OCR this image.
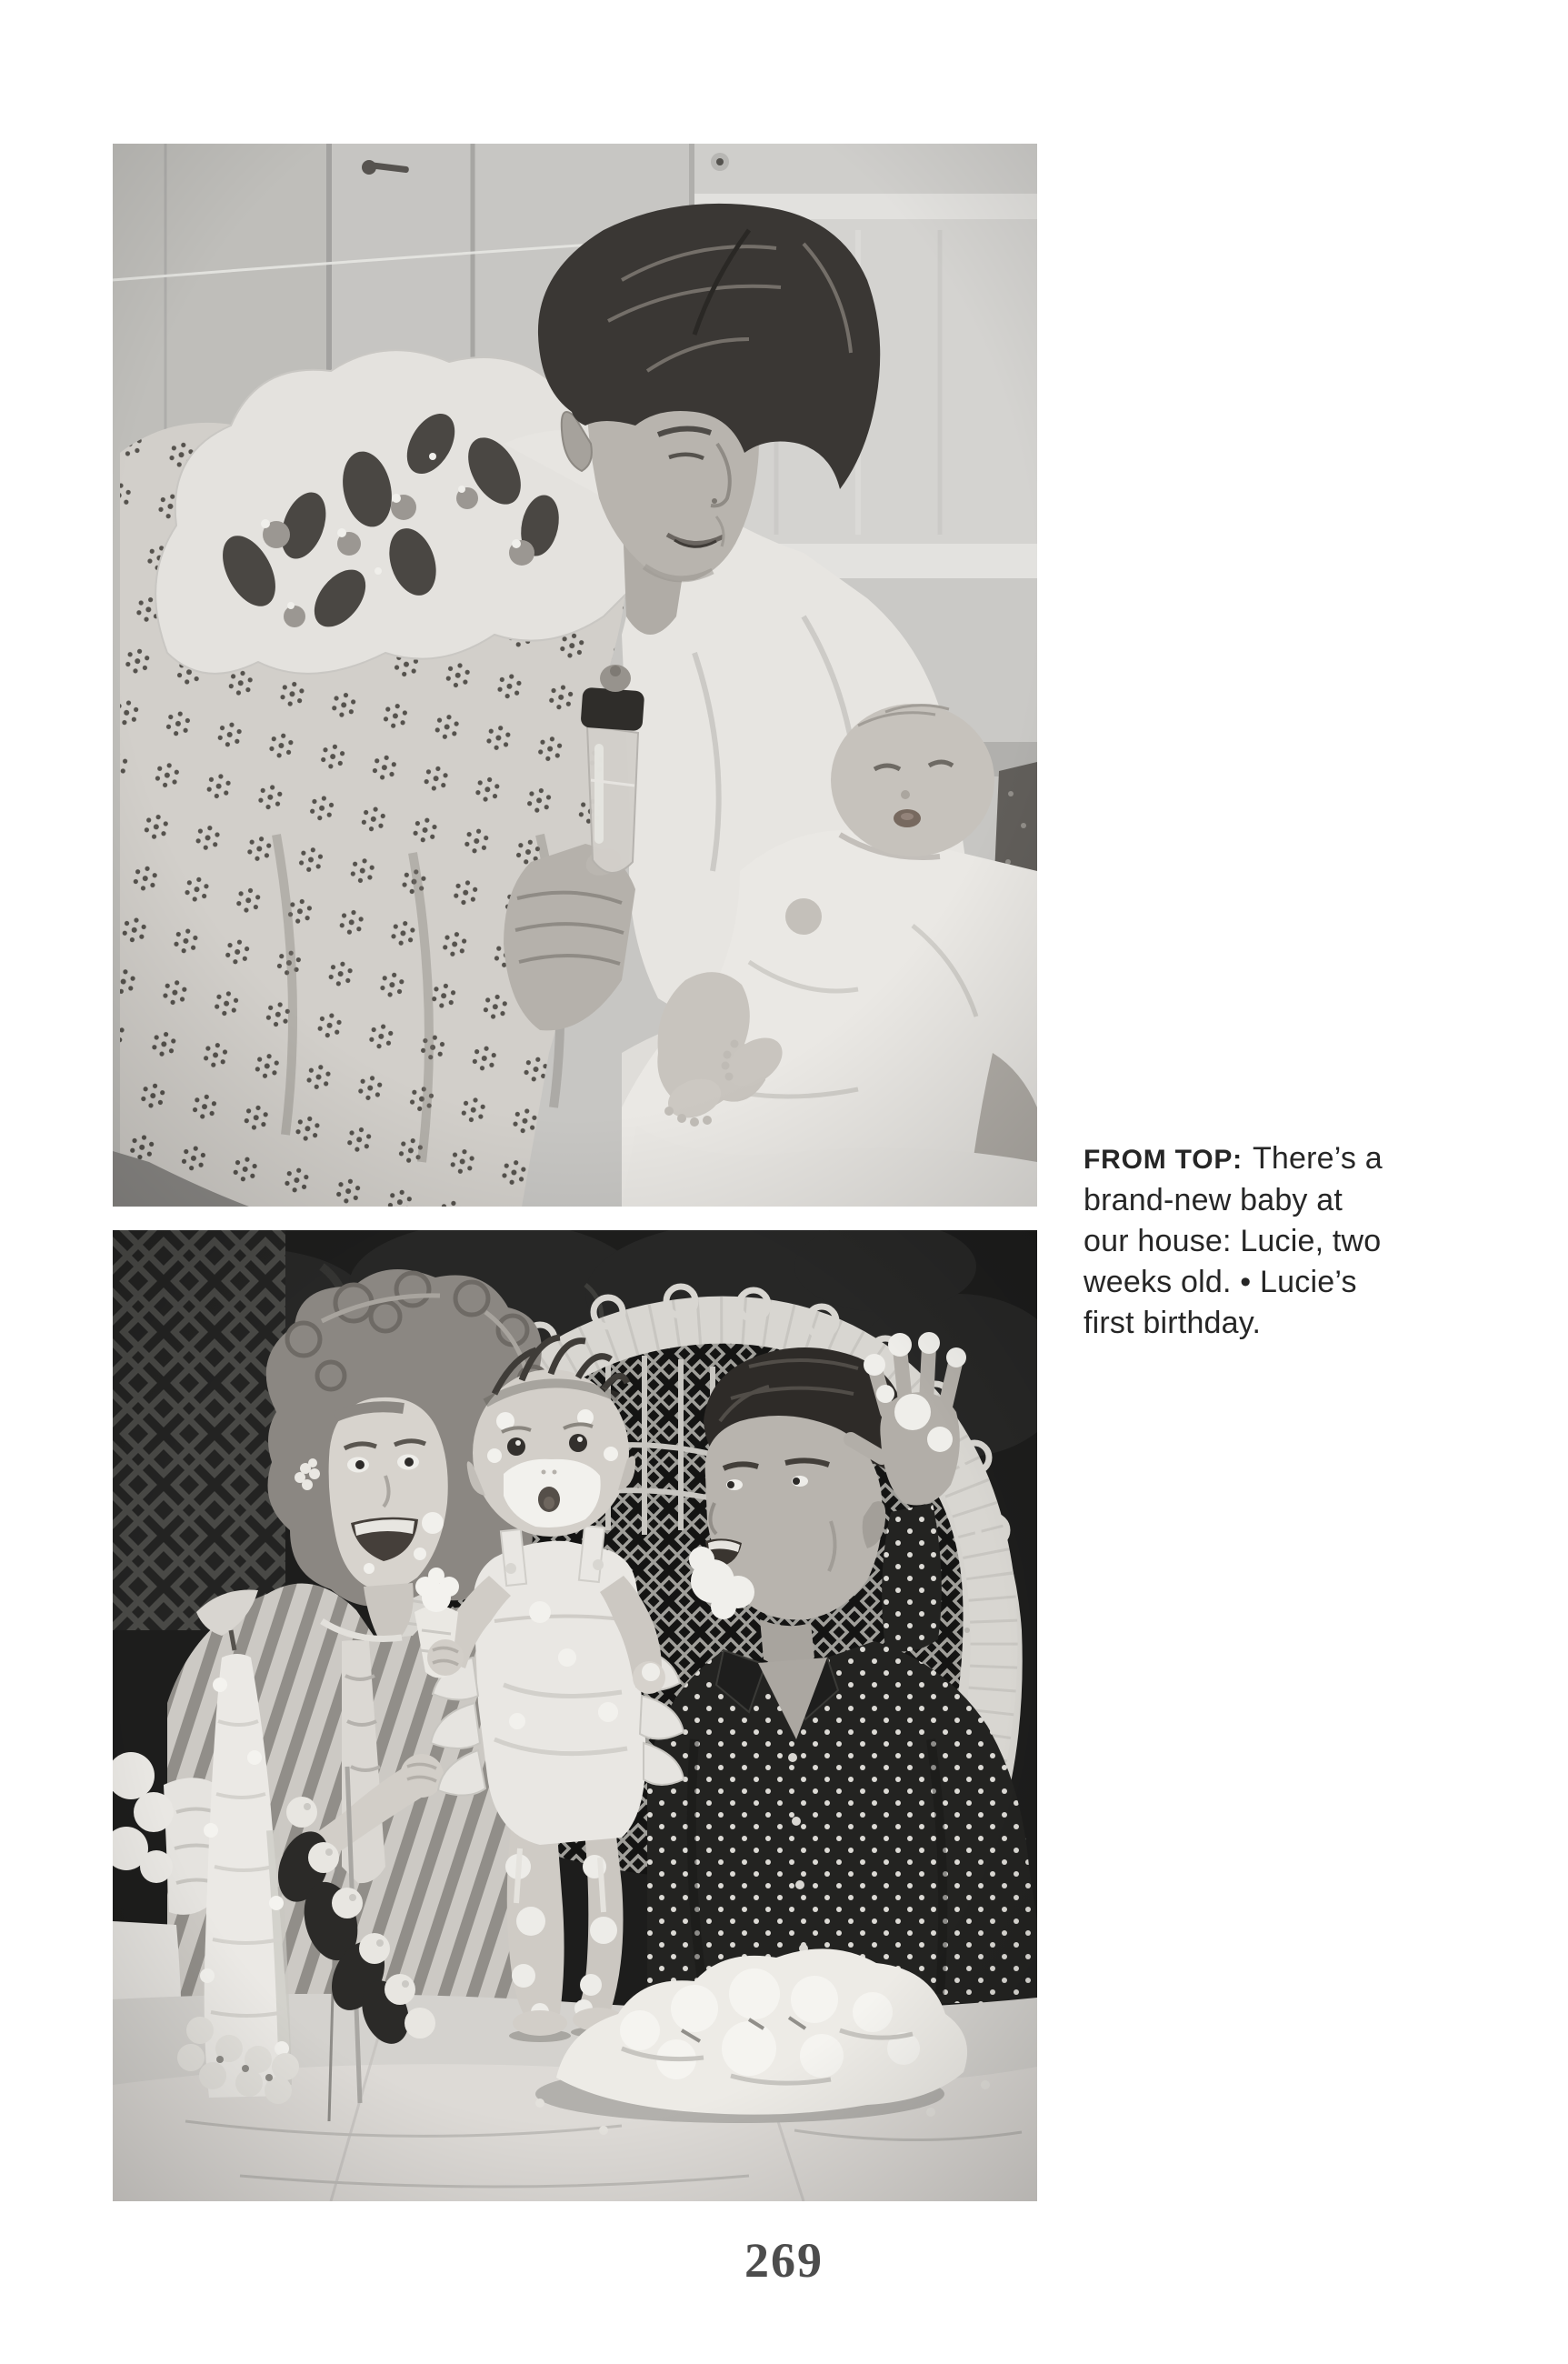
FROM TOP: There’s a
brand-new baby at
our house: Lucie, two
weeks old. • Lucie’s
first birthday.
269
